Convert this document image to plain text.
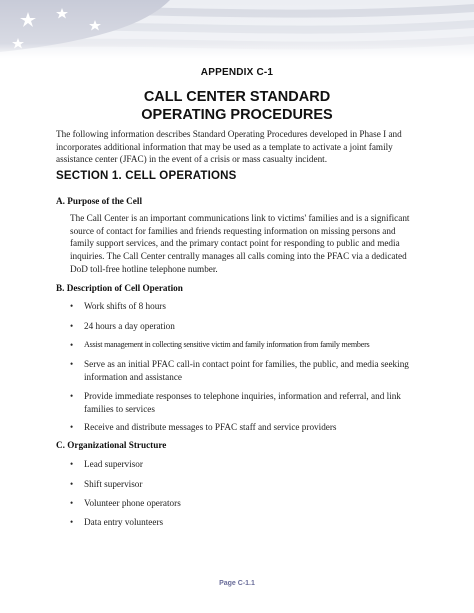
APPENDIX C-1
CALL CENTER STANDARD
OPERATING PROCEDURES
The following information describes Standard Operating Procedures developed in Phase I and incorporates additional information that may be used as a template to activate a joint family assistance center (JFAC) in the event of a crisis or mass casualty incident.
SECTION 1. CELL OPERATIONS
A. Purpose of the Cell
The Call Center is an important communications link to victims' families and is a significant source of contact for families and friends requesting information on missing persons and family support services, and the primary contact point for responding to public and media inquiries. The Call Center centrally manages all calls coming into the PFAC via a dedicated DoD toll-free hotline telephone number.
B. Description of Cell Operation
• Work shifts of 8 hours
• 24 hours a day operation
• Assist management in collecting sensitive victim and family information from family members
• Serve as an initial PFAC call-in contact point for families, the public, and media seeking information and assistance
• Provide immediate responses to telephone inquiries, information and referral, and link families to services
• Receive and distribute messages to PFAC staff and service providers
C. Organizational Structure
• Lead supervisor
• Shift supervisor
• Volunteer phone operators
• Data entry volunteers
Page C-1.1
